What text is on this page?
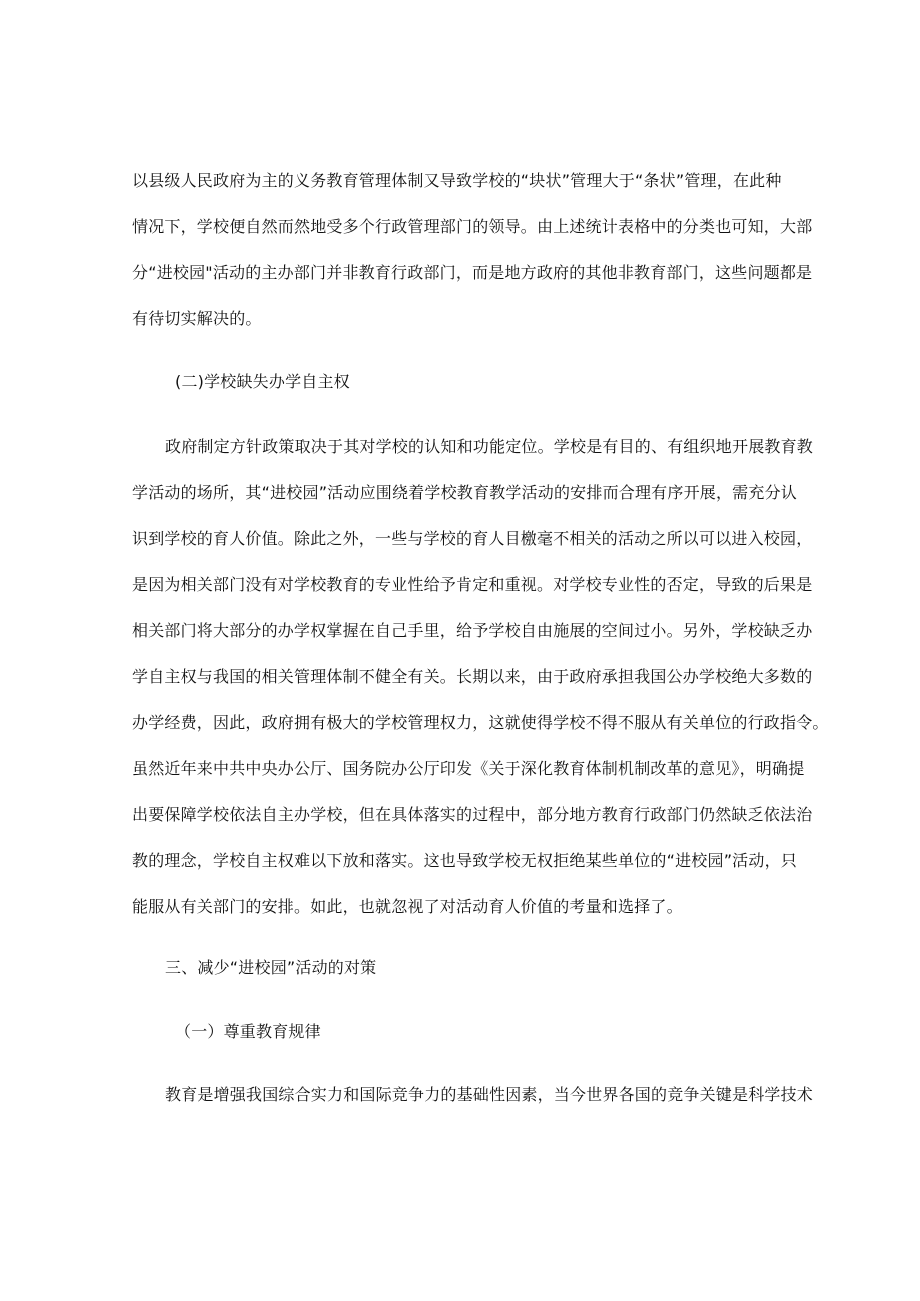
以县级人民政府为主的义务教育管理体制又导致学校的“块状”管理大于“条状”管理，在此种
情况下，学校便自然而然地受多个行政管理部门的领导。由上述统计表格中的分类也可知，大部
分“进校园"活动的主办部门并非教育行政部门，而是地方政府的其他非教育部门，这些问题都是
有待切实解决的。
(二)学校缺失办学自主权
政府制定方针政策取决于其对学校的认知和功能定位。学校是有目的、有组织地开展教育教
学活动的场所，其“进校园”活动应围绕着学校教育教学活动的安排而合理有序开展，需充分认
识到学校的育人价值。除此之外，一些与学校的育人目檄毫不相关的活动之所以可以进入校园，
是因为相关部门没有对学校教育的专业性给予肯定和重视。对学校专业性的否定，导致的后果是
相关部门将大部分的办学权掌握在自己手里，给予学校自由施展的空间过小。另外，学校缺乏办
学自主权与我国的相关管理体制不健全有关。长期以来，由于政府承担我国公办学校绝大多数的
办学经费，因此，政府拥有极大的学校管理权力，这就使得学校不得不服从有关单位的行政指令。
虽然近年来中共中央办公厅、国务院办公厅印发《关于深化教育体制机制改革的意见》，明确提
出要保障学校依法自主办学校，但在具体落实的过程中，部分地方教育行政部门仍然缺乏依法治
教的理念，学校自主权难以下放和落实。这也导致学校无权拒绝某些单位的“进校园”活动，只
能服从有关部门的安排。如此，也就忽视了对活动育人价值的考量和选择了。
三、减少“进校园”活动的对策
（一）尊重教育规律
教育是增强我国综合实力和国际竞争力的基础性因素，当今世界各国的竞争关键是科学技术
